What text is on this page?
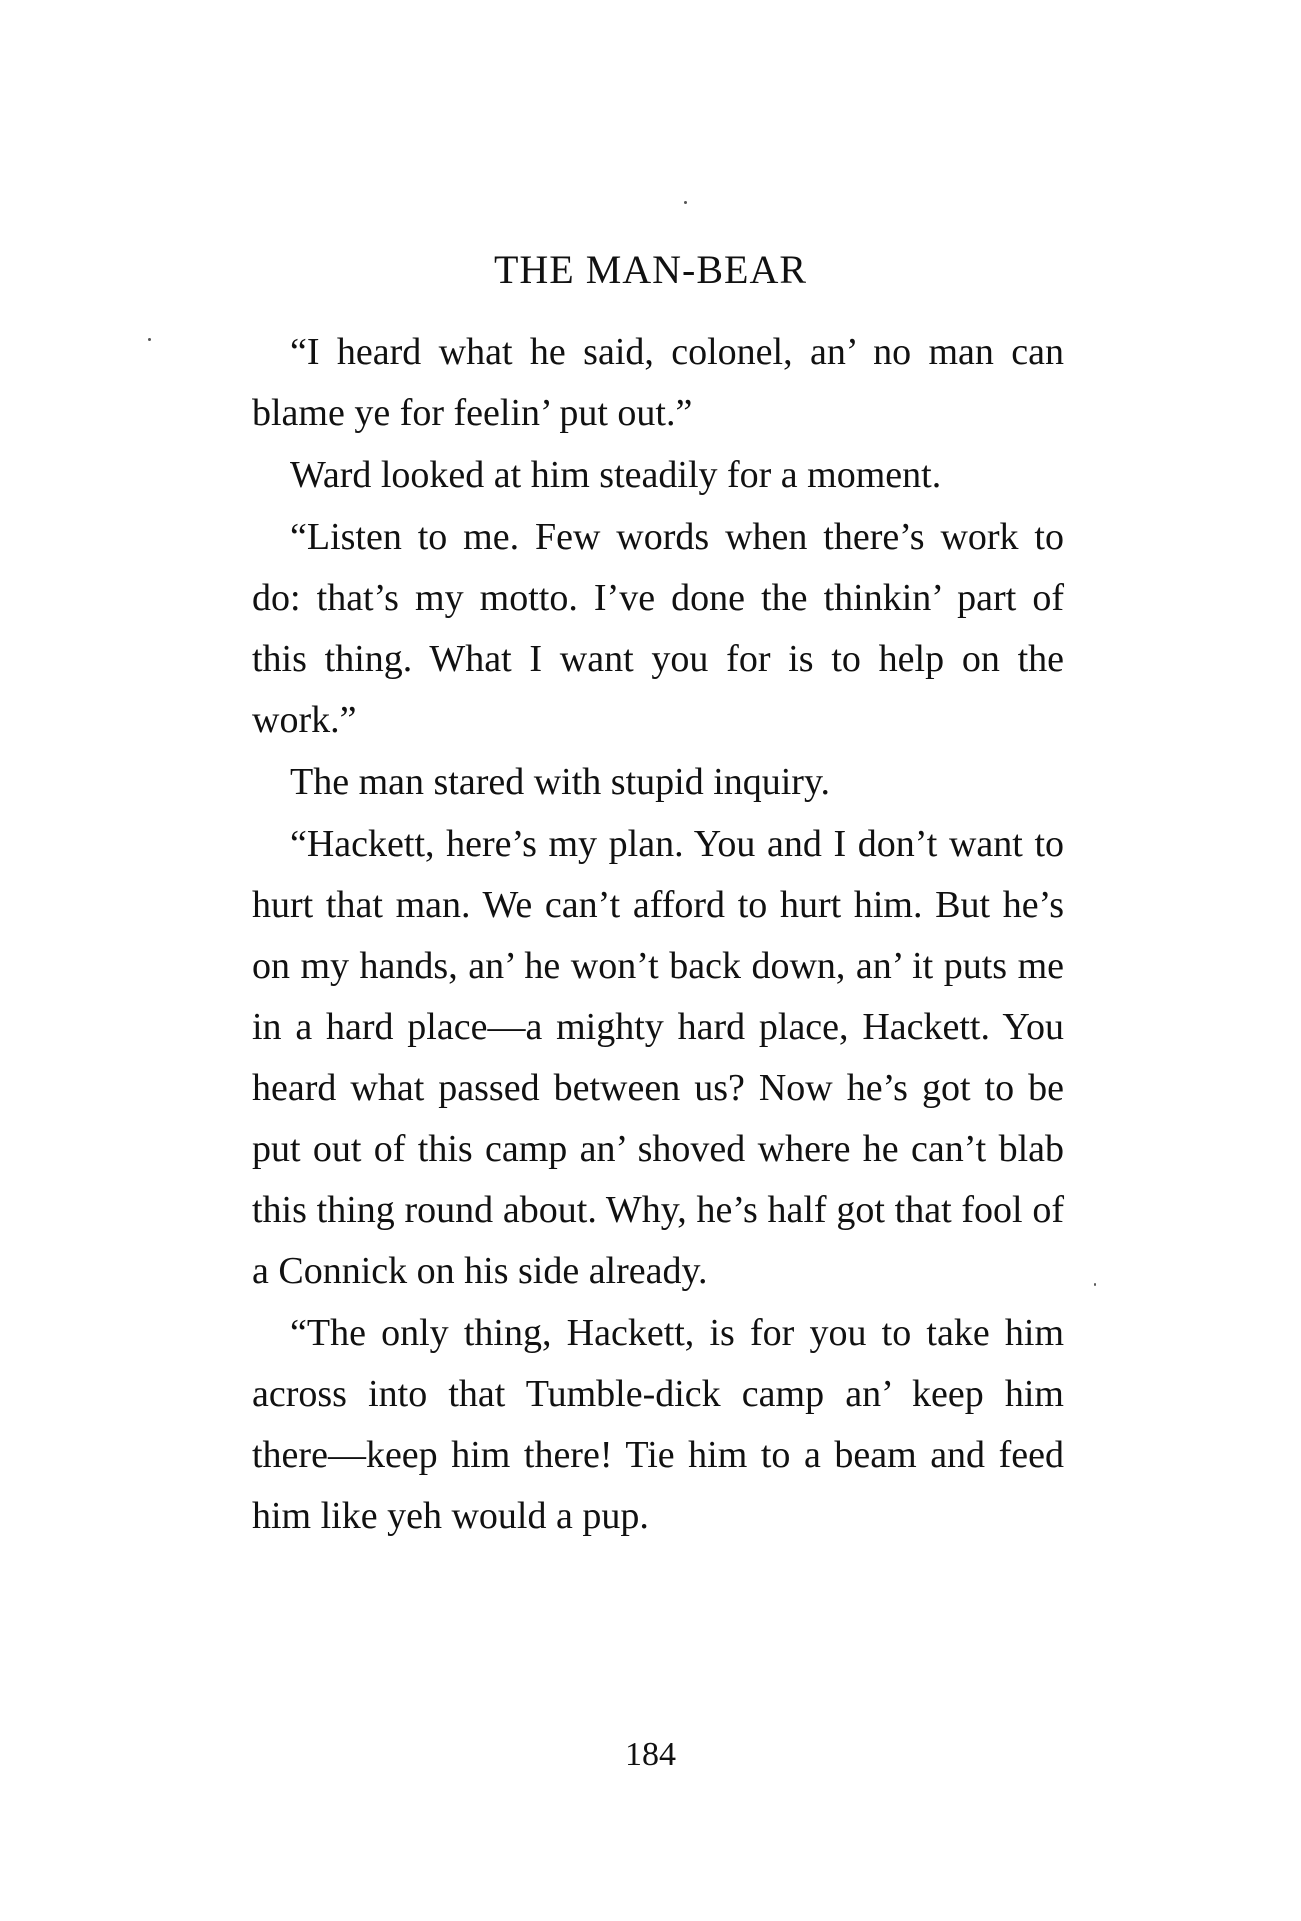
THE MAN-BEAR

“I heard what he said, colonel, an’ no man can blame ye for feelin’ put out.”

Ward looked at him steadily for a moment.

“Listen to me. Few words when there’s work to do: that’s my motto. I’ve done the thinkin’ part of this thing. What I want you for is to help on the work.”

The man stared with stupid inquiry.

“Hackett, here’s my plan. You and I don’t want to hurt that man. We can’t afford to hurt him. But he’s on my hands, an’ he won’t back down, an’ it puts me in a hard place—a mighty hard place, Hackett. You heard what passed between us? Now he’s got to be put out of this camp an’ shoved where he can’t blab this thing round about. Why, he’s half got that fool of a Connick on his side already.

“The only thing, Hackett, is for you to take him across into that Tumble-dick camp an’ keep him there—keep him there! Tie him to a beam and feed him like yeh would a pup.

184
